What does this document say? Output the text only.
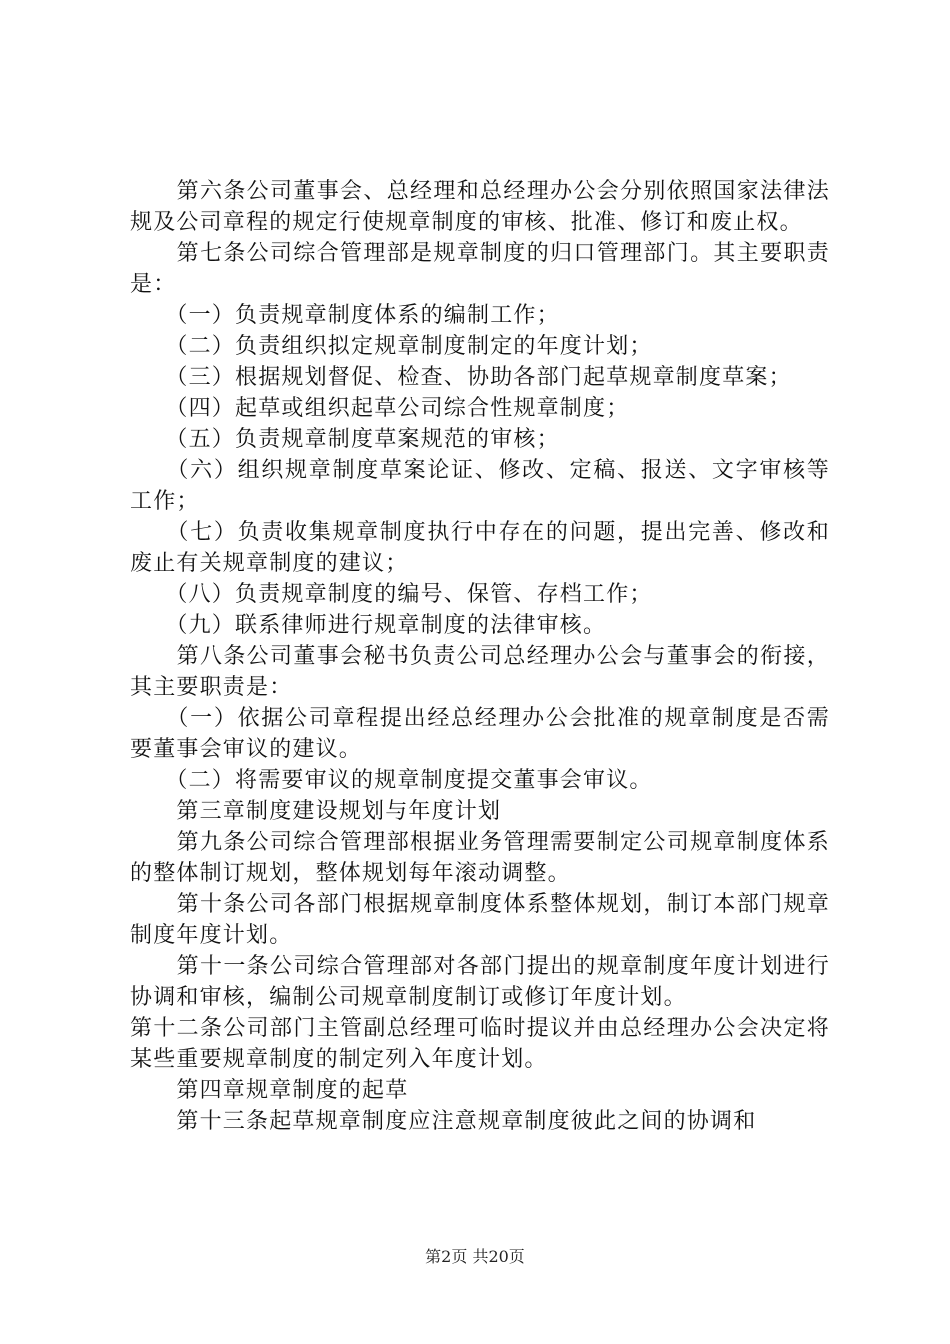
　　第六条公司董事会、总经理和总经理办公会分别依照国家法律法规及公司章程的规定行使规章制度的审核、批准、修订和废止权。

　　第七条公司综合管理部是规章制度的归口管理部门。其主要职责是：

　　（一）负责规章制度体系的编制工作；

　　（二）负责组织拟定规章制度制定的年度计划；

　　（三）根据规划督促、检查、协助各部门起草规章制度草案；

　　（四）起草或组织起草公司综合性规章制度；

　　（五）负责规章制度草案规范的审核；

　　（六）组织规章制度草案论证、修改、定稿、报送、文字审核等工作；

　　（七）负责收集规章制度执行中存在的问题，提出完善、修改和废止有关规章制度的建议；

　　（八）负责规章制度的编号、保管、存档工作；

　　（九）联系律师进行规章制度的法律审核。

　　第八条公司董事会秘书负责公司总经理办公会与董事会的衔接，其主要职责是：

　　（一）依据公司章程提出经总经理办公会批准的规章制度是否需要董事会审议的建议。

　　（二）将需要审议的规章制度提交董事会审议。

　　第三章制度建设规划与年度计划

　　第九条公司综合管理部根据业务管理需要制定公司规章制度体系的整体制订规划，整体规划每年滚动调整。

　　第十条公司各部门根据规章制度体系整体规划，制订本部门规章制度年度计划。

　　第十一条公司综合管理部对各部门提出的规章制度年度计划进行协调和审核，编制公司规章制度制订或修订年度计划。

第十二条公司部门主管副总经理可临时提议并由总经理办公会决定将某些重要规章制度的制定列入年度计划。

　　第四章规章制度的起草

　　第十三条起草规章制度应注意规章制度彼此之间的协调和

第2页 共20页
